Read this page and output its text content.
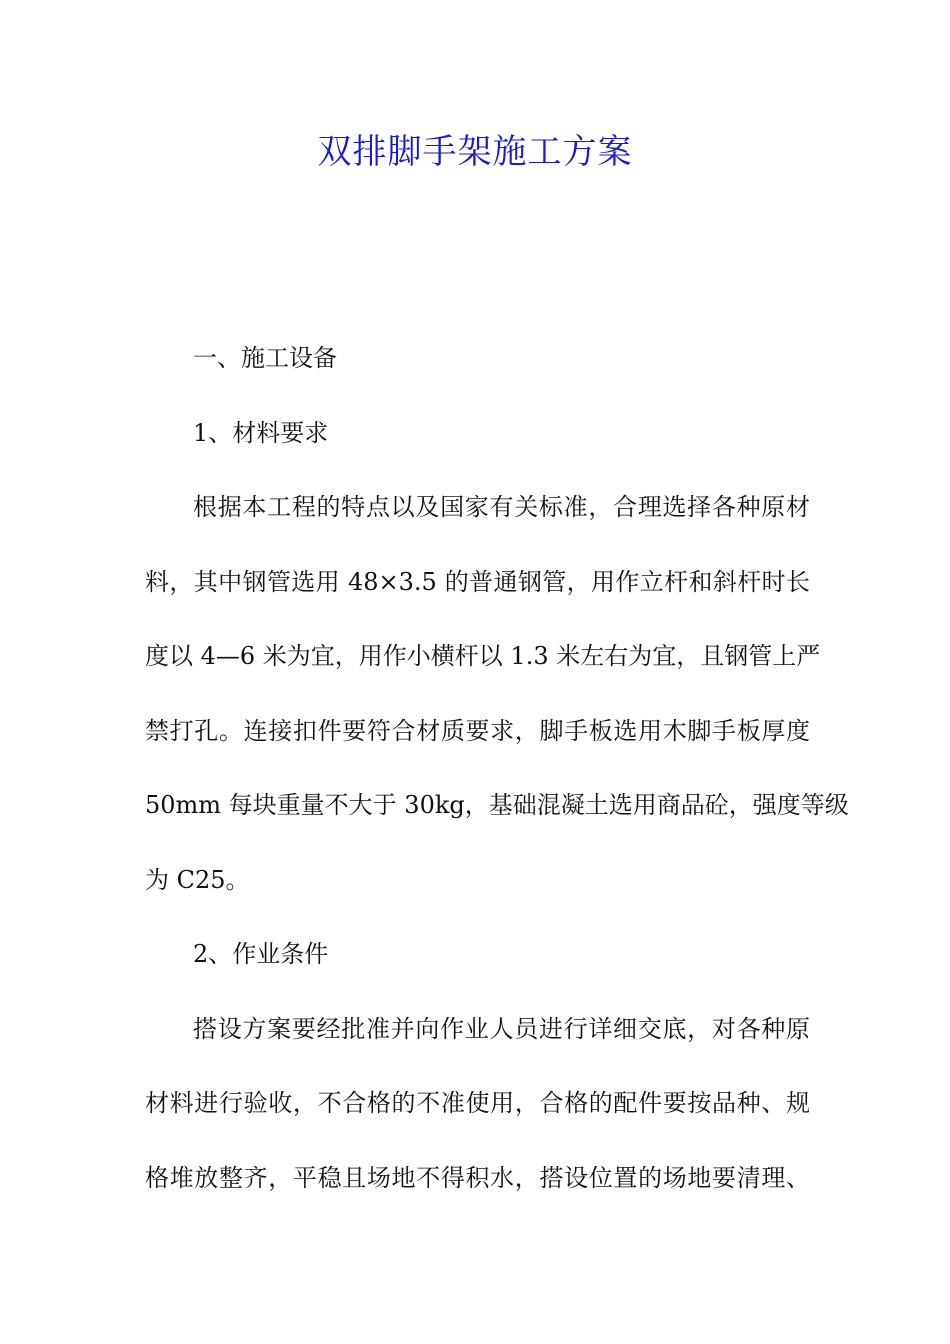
双排脚手架施工方案
一、施工设备
1、材料要求
根据本工程的特点以及国家有关标准，合理选择各种原材
料，其中钢管选用 48×3.5 的普通钢管，用作立杆和斜杆时长
度以 4—6 米为宜，用作小横杆以 1.3 米左右为宜，且钢管上严
禁打孔。连接扣件要符合材质要求，脚手板选用木脚手板厚度
50mm 每块重量不大于 30kg，基础混凝土选用商品砼，强度等级
为 C25。
2、作业条件
搭设方案要经批准并向作业人员进行详细交底，对各种原
材料进行验收，不合格的不准使用，合格的配件要按品种、规
格堆放整齐，平稳且场地不得积水，搭设位置的场地要清理、
